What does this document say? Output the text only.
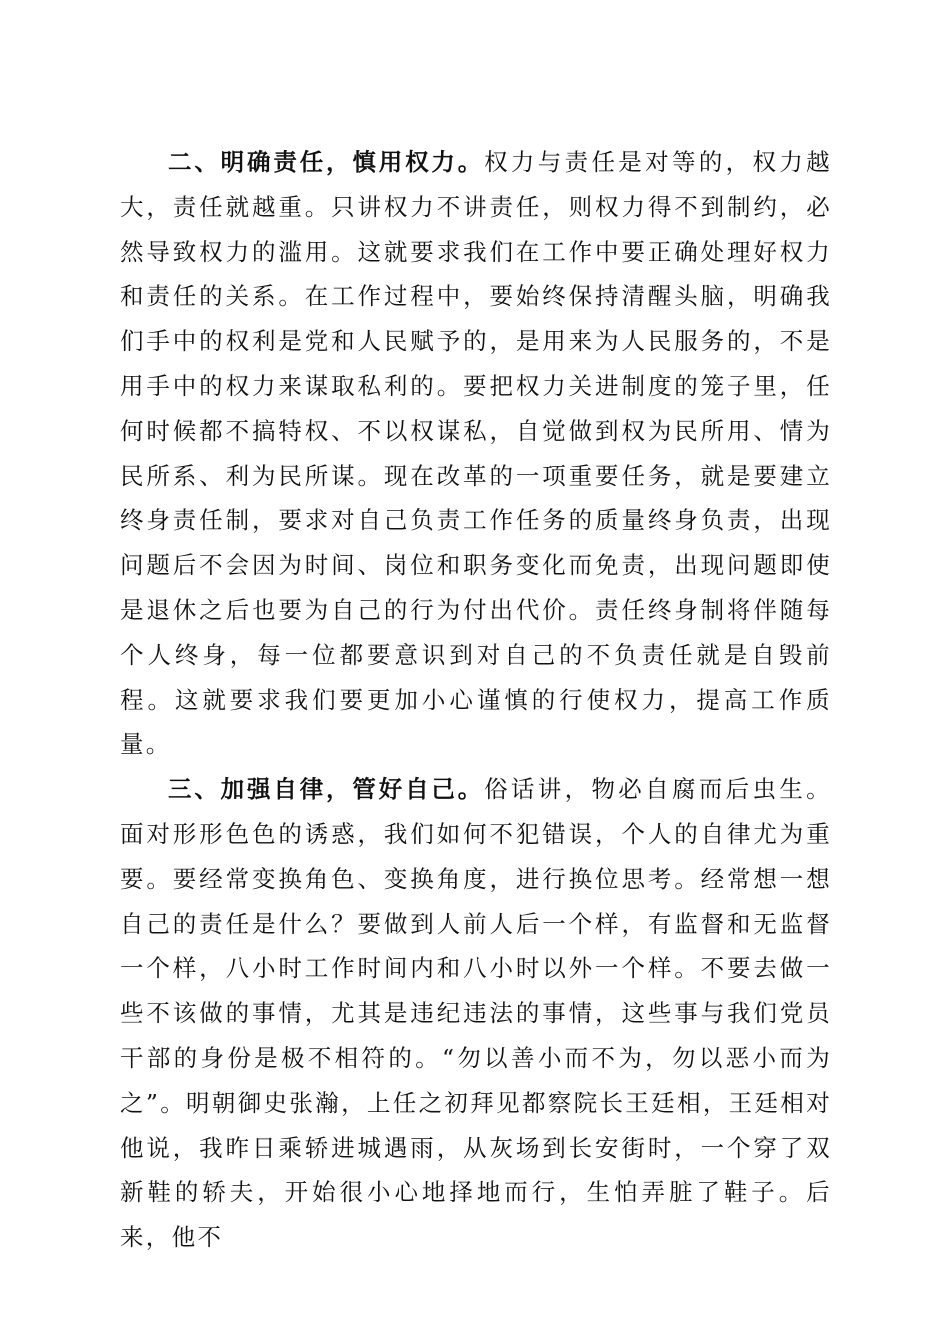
二、明确责任，慎用权力。权力与责任是对等的，权力越大，责任就越重。只讲权力不讲责任，则权力得不到制约，必然导致权力的滥用。这就要求我们在工作中要正确处理好权力和责任的关系。在工作过程中，要始终保持清醒头脑，明确我们手中的权利是党和人民赋予的，是用来为人民服务的，不是用手中的权力来谋取私利的。要把权力关进制度的笼子里，任何时候都不搞特权、不以权谋私，自觉做到权为民所用、情为民所系、利为民所谋。现在改革的一项重要任务，就是要建立终身责任制，要求对自己负责工作任务的质量终身负责，出现问题后不会因为时间、岗位和职务变化而免责，出现问题即使是退休之后也要为自己的行为付出代价。责任终身制将伴随每个人终身，每一位都要意识到对自己的不负责任就是自毁前程。这就要求我们要更加小心谨慎的行使权力，提高工作质量。

三、加强自律，管好自己。俗话讲，物必自腐而后虫生。面对形形色色的诱惑，我们如何不犯错误，个人的自律尤为重要。要经常变换角色、变换角度，进行换位思考。经常想一想自己的责任是什么？要做到人前人后一个样，有监督和无监督一个样，八小时工作时间内和八小时以外一个样。不要去做一些不该做的事情，尤其是违纪违法的事情，这些事与我们党员干部的身份是极不相符的。“勿以善小而不为，勿以恶小而为之”。明朝御史张瀚，上任之初拜见都察院长王廷相，王廷相对他说，我昨日乘轿进城遇雨，从灰场到长安街时，一个穿了双新鞋的轿夫，开始很小心地择地而行，生怕弄脏了鞋子。后来，他不
